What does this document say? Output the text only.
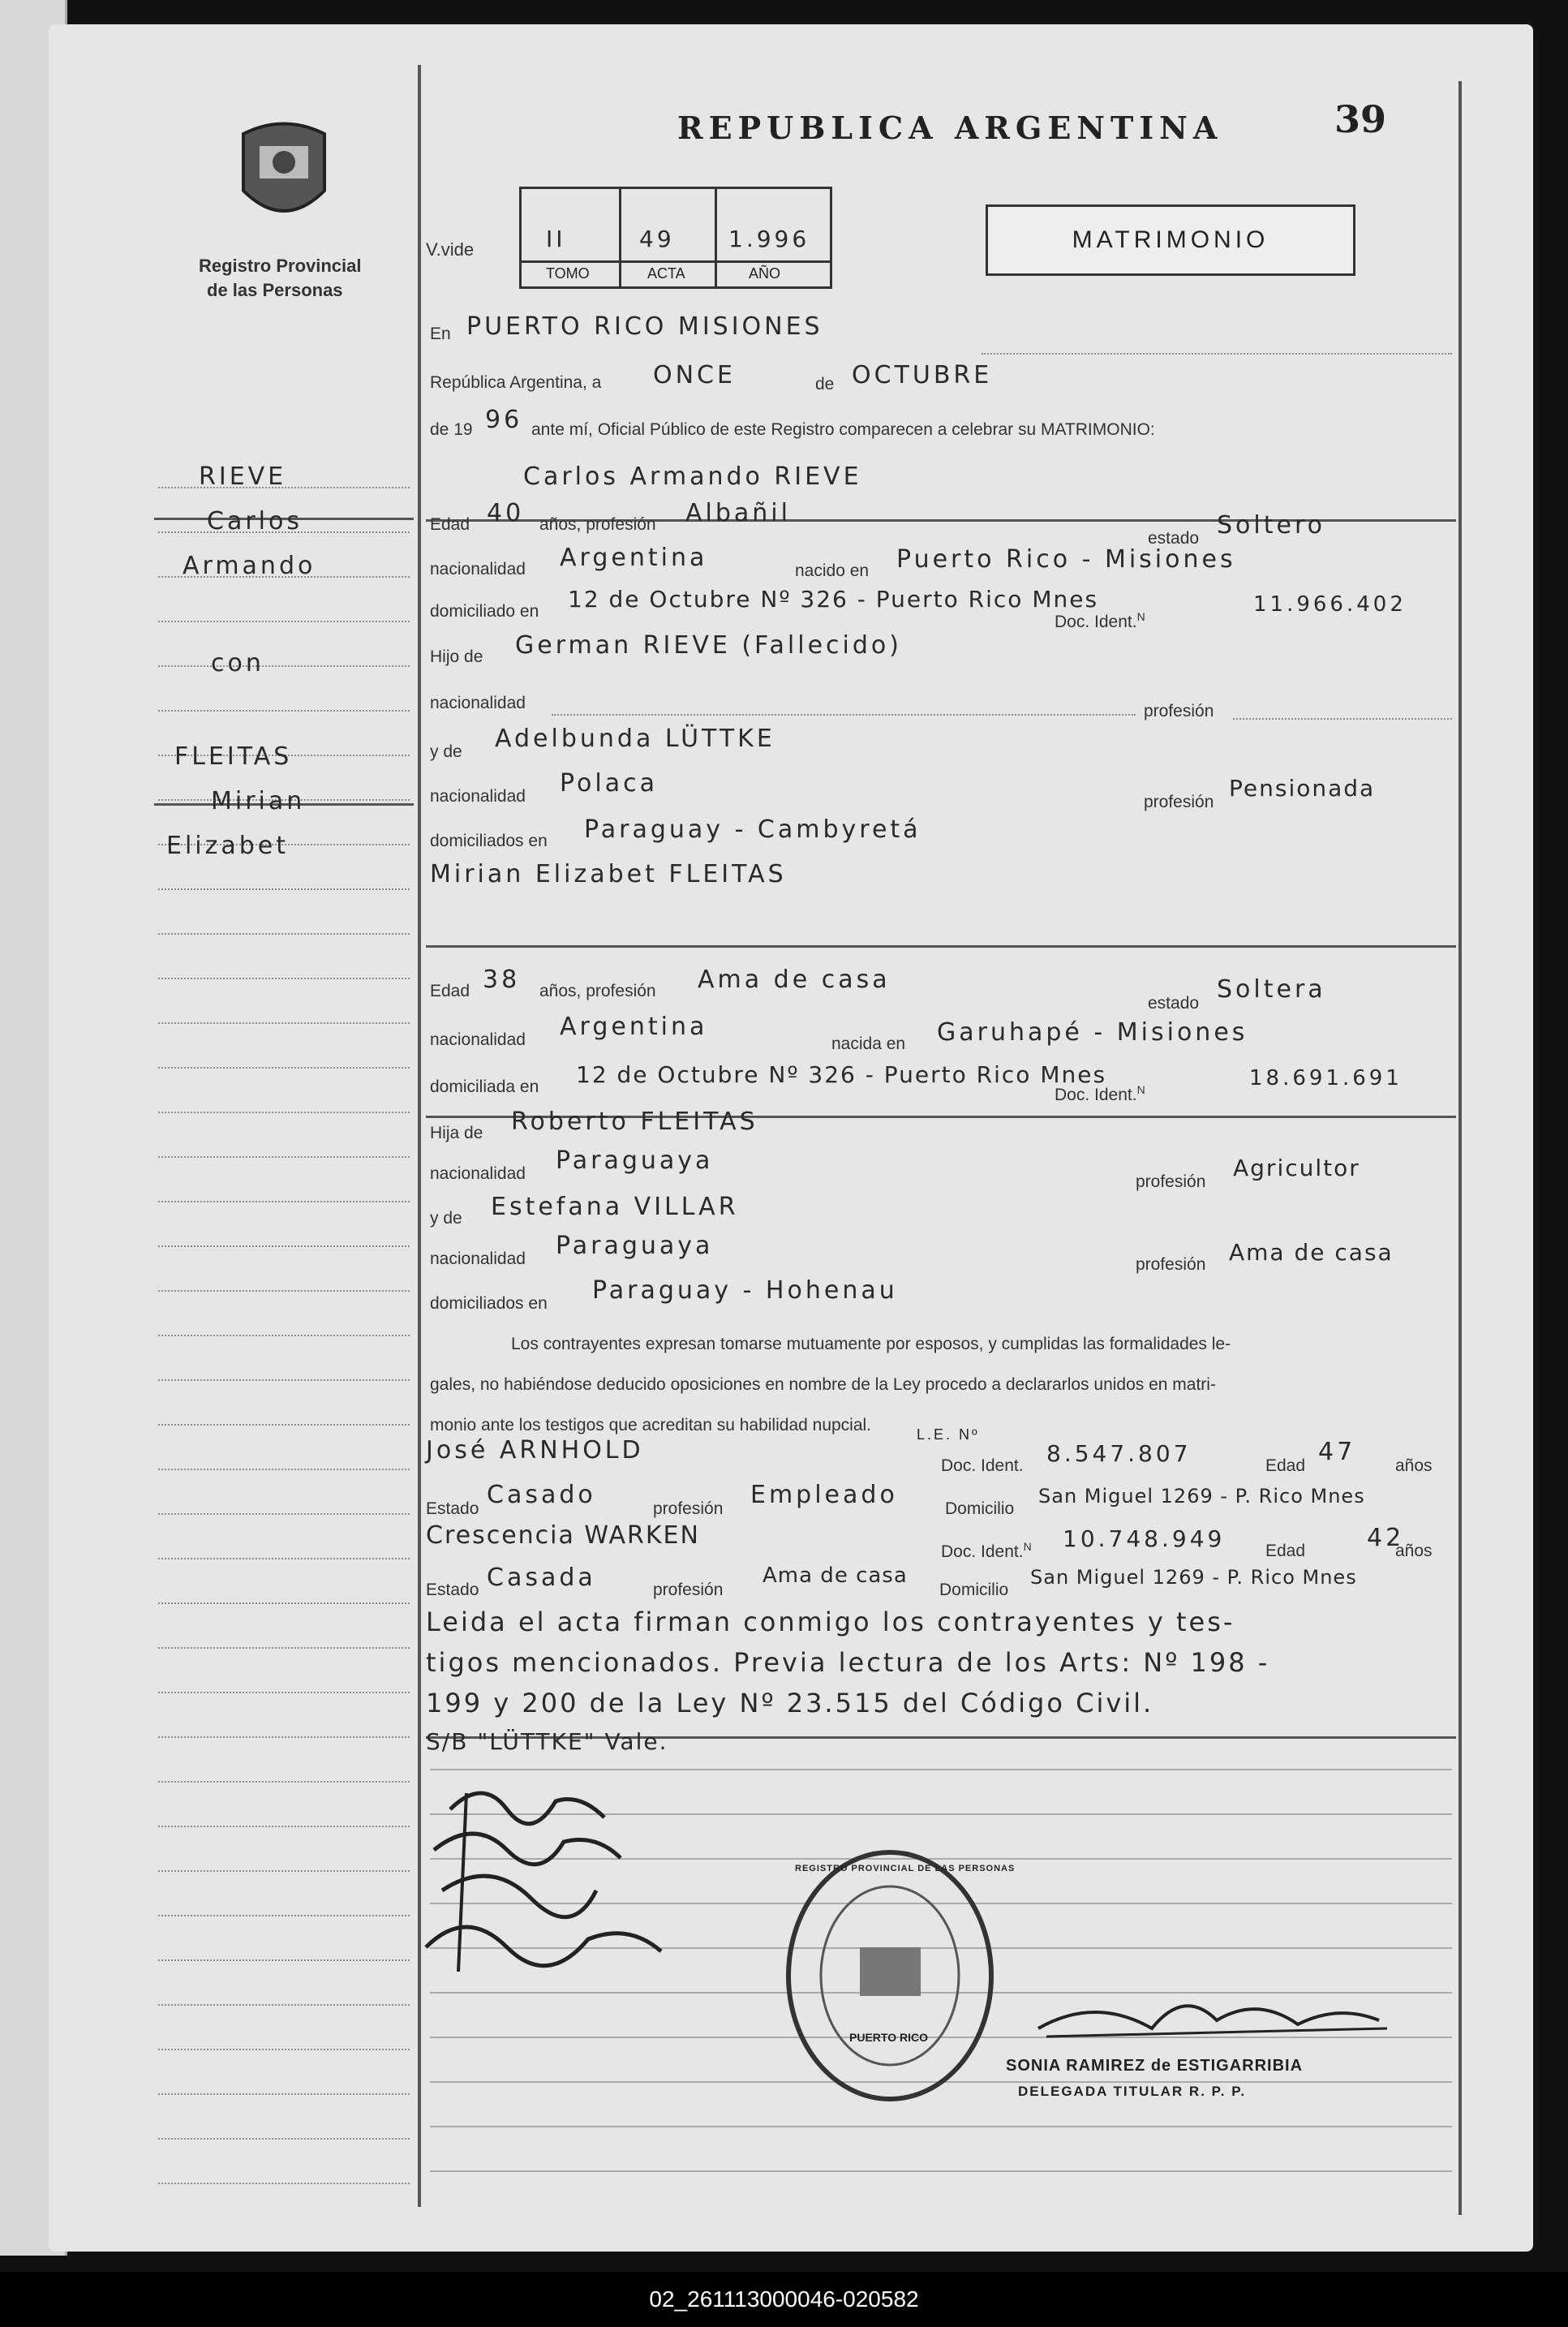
Registro Provincial
de las Personas
REPUBLICA ARGENTINA	39
V.vide	II	49 1.996
TOMO	ACTA	AÑO
MATRIMONIO
RIEVE
Carlos
Armando
con
FLEITAS
Mirian
Elizabet
En PUERTO RICO MISIONES
República Argentina, a ONCE	de OCTUBRE
de 19 96 ante mí, Oficial Público de este Registro comparecen a celebrar su MATRIMONIO:
Carlos Armando RIEVE
Edad 40 años, profesión Albañil
estado Soltero
nacionalidad Argentina	nacido en Puerto Rico - Misiones
domiciliado en 12 de Octubre Nº 326 - Puerto Rico Mnes
Doc. Ident.$^N$	11.966.402
Hijo de German RIEVE (Fallecido)
nacionalidad	profesión
y de Adelbunda LÜTTKE
nacionalidad Polaca
profesión
Pensionada
domiciliados en Paraguay - Cambyretá
Mirian Elizabet FLEITAS
Edad 38 años, profesión Ama de casa
estado Soltera
nacionalidad Argentina
nacida en Garuhapé - Misiones
domiciliada en 12 de Octubre Nº 326 - Puerto Rico Mnes
Doc. Ident.$^N$	18.691.691
Hija de Roberto FLEITAS
nacionalidad Paraguaya
profesión
Agricultor
y de Estefana VILLAR
nacionalidad Paraguaya
profesión Ama de casa
domiciliados en Paraguay - Hohenau
Los contrayentes expresan tomarse mutuamente por esposos, y cumplidas las formalidades le-
gales, no habiéndose deducido oposiciones en nombre de la Ley procedo a declararlos unidos en matri-
monio ante los testigos que acreditan su habilidad nupcial.
José ARNHOLD
L.E. Nº
Doc. Ident. 8.547.807	Edad 47 años
Estado Casado	profesión Empleado	Domicilio
San Miguel 1269 - P. Rico Mnes
Crescencia WARKEN
Doc. Ident.$^N$ 10.748.949 Edad	42
años
Estado Casada	profesión
Ama de casa
Domicilio
San Miguel 1269 - P. Rico Mnes
Leida el acta firman conmigo los contrayentes y tes-
tigos mencionados. Previa lectura de los Arts: Nº 198 -
199 y 200 de la Ley Nº 23.515 del Código Civil.
S/B "LÜTTKE" Vale.
REGISTRO PROVINCIAL DE LAS PERSONAS
PUERTO RICO
SONIA RAMIREZ de ESTIGARRIBIA
DELEGADA TITULAR R. P. P.
02_261113000046-020582
